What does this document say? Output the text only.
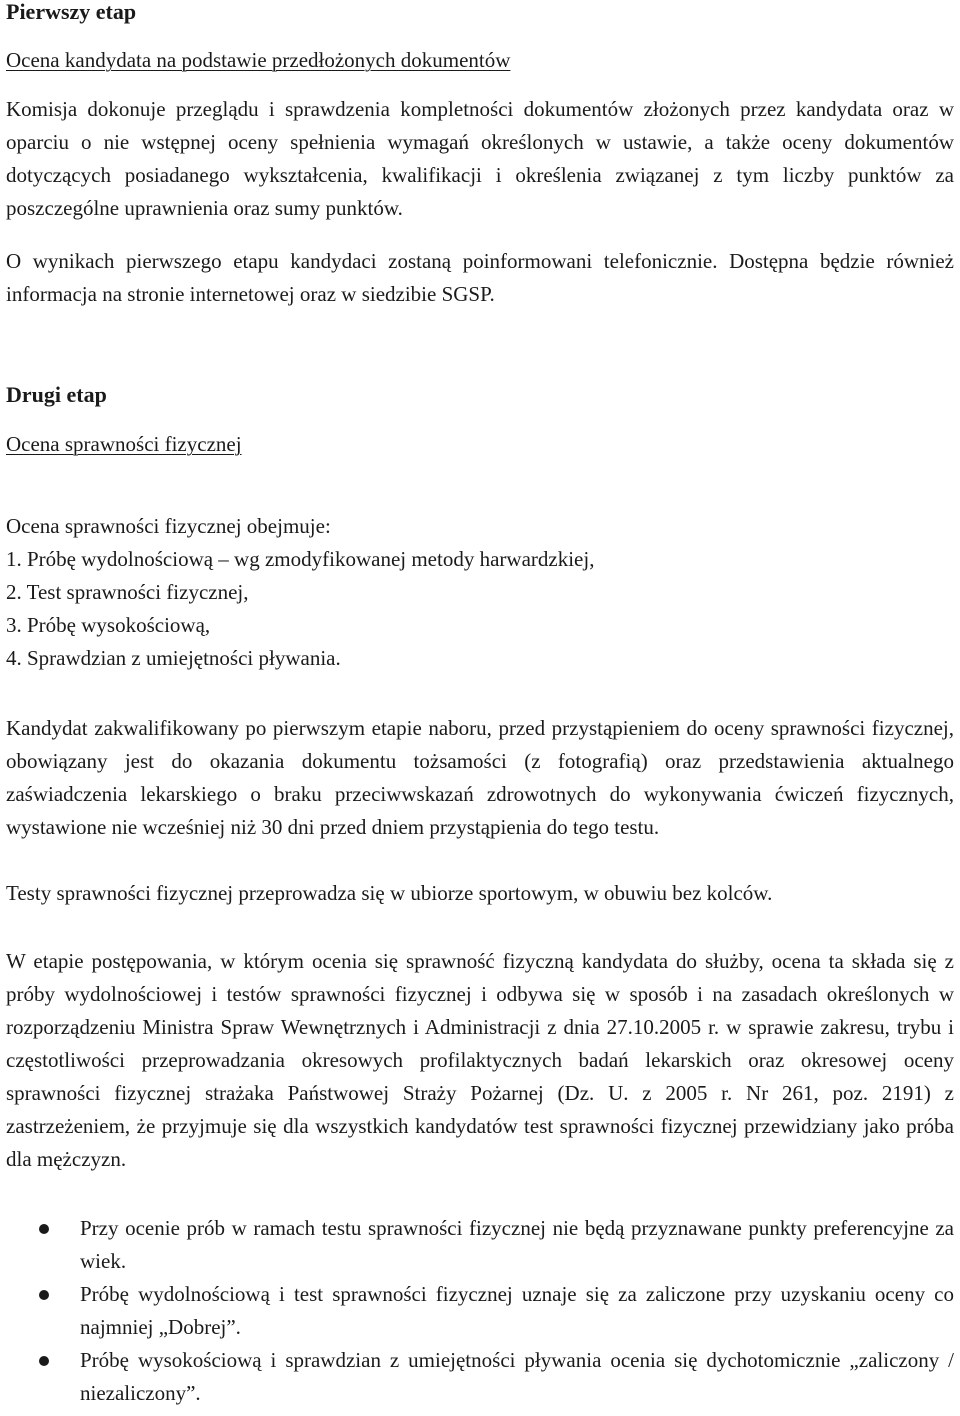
Pierwszy etap
Ocena kandydata na podstawie przedłożonych dokumentów
Komisja dokonuje przeglądu i sprawdzenia kompletności dokumentów złożonych przez kandydata oraz w oparciu o nie wstępnej oceny spełnienia wymagań określonych w ustawie, a także oceny dokumentów dotyczących posiadanego wykształcenia, kwalifikacji i określenia związanej z tym liczby punktów za poszczególne uprawnienia oraz sumy punktów.
O wynikach pierwszego etapu kandydaci zostaną poinformowani telefonicznie. Dostępna będzie również informacja na stronie internetowej oraz w siedzibie SGSP.
Drugi etap
Ocena sprawności fizycznej
Ocena sprawności fizycznej obejmuje:
1. Próbę wydolnościową – wg zmodyfikowanej metody harwardzkiej,
2. Test sprawności fizycznej,
3. Próbę wysokościową,
4. Sprawdzian z umiejętności pływania.
Kandydat zakwalifikowany po pierwszym etapie naboru, przed przystąpieniem do oceny sprawności fizycznej, obowiązany jest do okazania dokumentu tożsamości (z fotografią) oraz przedstawienia aktualnego zaświadczenia lekarskiego o braku przeciwwskazań zdrowotnych do wykonywania ćwiczeń fizycznych, wystawione nie wcześniej niż 30 dni przed dniem przystąpienia do tego testu.
Testy sprawności fizycznej przeprowadza się w ubiorze sportowym, w obuwiu bez kolców.
W etapie postępowania, w którym ocenia się sprawność fizyczną kandydata do służby, ocena ta składa się z próby wydolnościowej i testów sprawności fizycznej i odbywa się w sposób i na zasadach określonych w rozporządzeniu Ministra Spraw Wewnętrznych i Administracji z dnia 27.10.2005 r. w sprawie zakresu, trybu i częstotliwości przeprowadzania okresowych profilaktycznych badań lekarskich oraz okresowej oceny sprawności fizycznej strażaka Państwowej Straży Pożarnej (Dz. U. z 2005 r. Nr 261, poz. 2191) z zastrzeżeniem, że przyjmuje się dla wszystkich kandydatów test sprawności fizycznej przewidziany jako próba dla mężczyzn.
Przy ocenie prób w ramach testu sprawności fizycznej nie będą przyznawane punkty preferencyjne za wiek.
Próbę wydolnościową i test sprawności fizycznej uznaje się za zaliczone przy uzyskaniu oceny co najmniej „Dobrej”.
Próbę wysokościową i sprawdzian z umiejętności pływania ocenia się dychotomicznie „zaliczony / niezaliczony”.
